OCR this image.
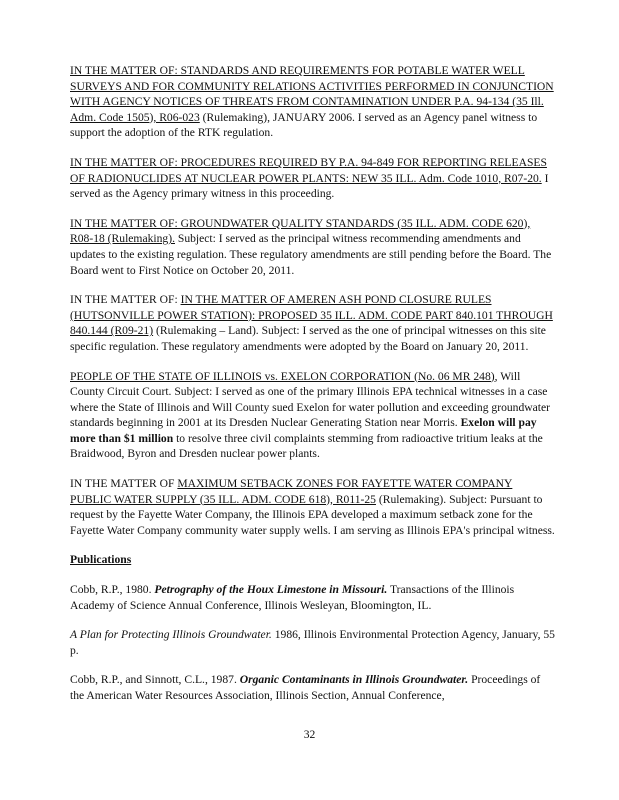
IN THE MATTER OF: STANDARDS AND REQUIREMENTS FOR POTABLE WATER WELL SURVEYS AND FOR COMMUNITY RELATIONS ACTIVITIES PERFORMED IN CONJUNCTION WITH AGENCY NOTICES OF THREATS FROM CONTAMINATION UNDER P.A. 94-134 (35 Ill. Adm. Code 1505), R06-023 (Rulemaking), JANUARY 2006. I served as an Agency panel witness to support the adoption of the RTK regulation.

IN THE MATTER OF: PROCEDURES REQUIRED BY P.A. 94-849 FOR REPORTING RELEASES OF RADIONUCLIDES AT NUCLEAR POWER PLANTS: NEW 35 ILL. Adm. Code 1010, R07-20. I served as the Agency primary witness in this proceeding.

IN THE MATTER OF: GROUNDWATER QUALITY STANDARDS (35 ILL. ADM. CODE 620), R08-18 (Rulemaking). Subject: I served as the principal witness recommending amendments and updates to the existing regulation. These regulatory amendments are still pending before the Board. The Board went to First Notice on October 20, 2011.

IN THE MATTER OF: IN THE MATTER OF AMEREN ASH POND CLOSURE RULES (HUTSONVILLE POWER STATION): PROPOSED 35 ILL. ADM. CODE PART 840.101 THROUGH 840.144 (R09-21) (Rulemaking – Land). Subject: I served as the one of principal witnesses on this site specific regulation. These regulatory amendments were adopted by the Board on January 20, 2011.

PEOPLE OF THE STATE OF ILLINOIS vs. EXELON CORPORATION (No. 06 MR 248), Will County Circuit Court. Subject: I served as one of the primary Illinois EPA technical witnesses in a case where the State of Illinois and Will County sued Exelon for water pollution and exceeding groundwater standards beginning in 2001 at its Dresden Nuclear Generating Station near Morris. Exelon will pay more than $1 million to resolve three civil complaints stemming from radioactive tritium leaks at the Braidwood, Byron and Dresden nuclear power plants.

IN THE MATTER OF MAXIMUM SETBACK ZONES FOR FAYETTE WATER COMPANY PUBLIC WATER SUPPLY (35 ILL. ADM. CODE 618), R011-25 (Rulemaking). Subject: Pursuant to request by the Fayette Water Company, the Illinois EPA developed a maximum setback zone for the Fayette Water Company community water supply wells. I am serving as Illinois EPA's principal witness.

Publications

Cobb, R.P., 1980. Petrography of the Houx Limestone in Missouri. Transactions of the Illinois Academy of Science Annual Conference, Illinois Wesleyan, Bloomington, IL.

A Plan for Protecting Illinois Groundwater. 1986, Illinois Environmental Protection Agency, January, 55 p.

Cobb, R.P., and Sinnott, C.L., 1987. Organic Contaminants in Illinois Groundwater. Proceedings of the American Water Resources Association, Illinois Section, Annual Conference,

32
